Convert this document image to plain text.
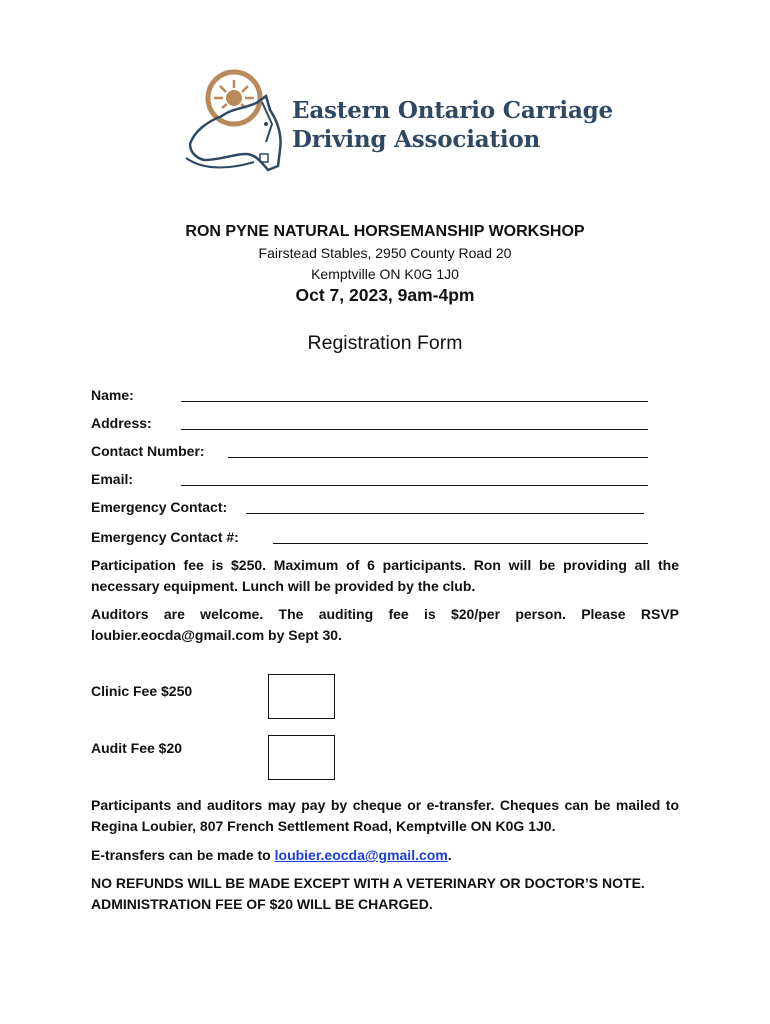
Eastern Ontario Carriage
Driving Association
RON PYNE NATURAL HORSEMANSHIP WORKSHOP
Fairstead Stables, 2950 County Road 20
Kemptville ON K0G 1J0
Oct 7, 2023, 9am-4pm
Registration Form
Name:
Address:
Contact Number:
Email:
Emergency Contact:
Emergency Contact #:
Participation fee is $250. Maximum of 6 participants. Ron will be providing all the necessary equipment. Lunch will be provided by the club.
Auditors are welcome. The auditing fee is $20/per person. Please RSVP loubier.eocda@gmail.com by Sept 30.
Clinic Fee $250
Audit Fee $20
Participants and auditors may pay by cheque or e-transfer. Cheques can be mailed to Regina Loubier, 807 French Settlement Road, Kemptville ON K0G 1J0.
E-transfers can be made to loubier.eocda@gmail.com.
NO REFUNDS WILL BE MADE EXCEPT WITH A VETERINARY OR DOCTOR’S NOTE. ADMINISTRATION FEE OF $20 WILL BE CHARGED.
